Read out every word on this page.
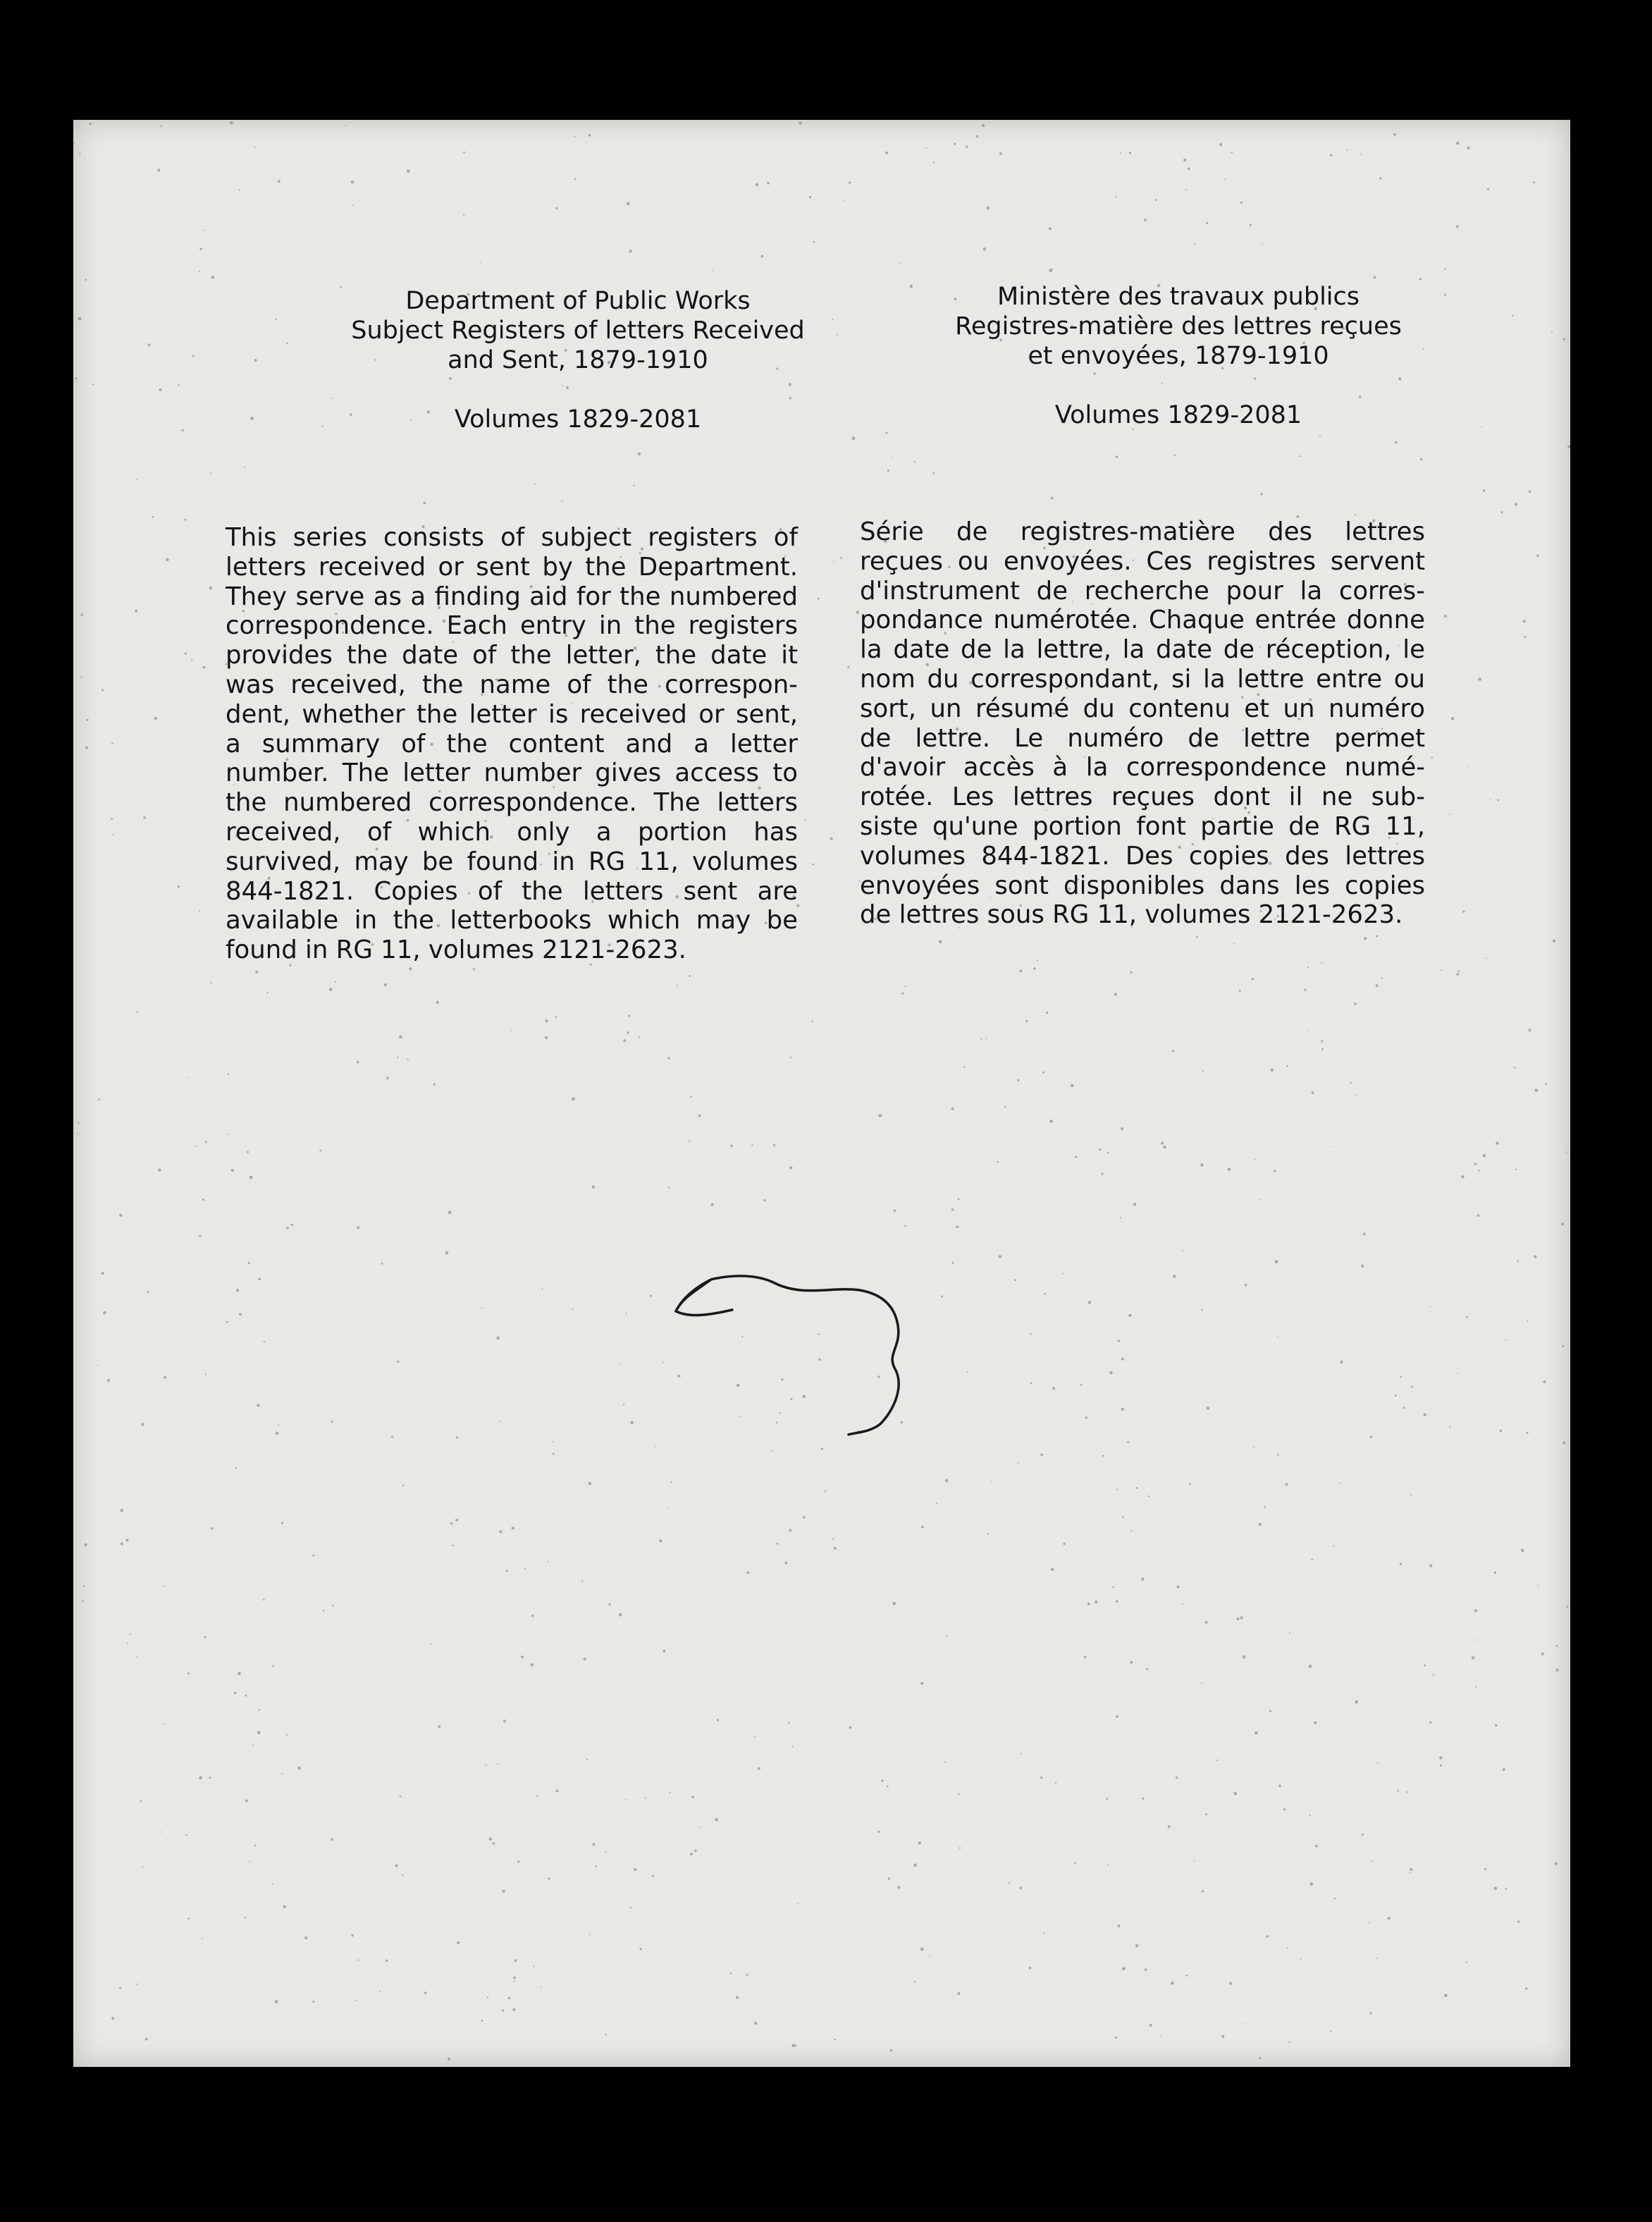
Department of Public Works
Subject Registers of letters Received
and Sent, 1879-1910
Volumes 1829-2081
Ministère des travaux publics
Registres-matière des lettres reçues
et envoyées, 1879-1910
Volumes 1829-2081
This series consists of subject registers of
letters received or sent by the Department.
They serve as a finding aid for the numbered
correspondence. Each entry in the registers
provides the date of the letter, the date it
was received, the name of the correspon-
dent, whether the letter is received or sent,
a summary of the content and a letter
number. The letter number gives access to
the numbered correspondence. The letters
received, of which only a portion has
survived, may be found in RG 11, volumes
844-1821. Copies of the letters sent are
available in the letterbooks which may be
found in RG 11, volumes 2121-2623.
Série de registres-matière des lettres
reçues ou envoyées. Ces registres servent
d'instrument de recherche pour la corres-
pondance numérotée. Chaque entrée donne
la date de la lettre, la date de réception, le
nom du correspondant, si la lettre entre ou
sort, un résumé du contenu et un numéro
de lettre. Le numéro de lettre permet
d'avoir accès à la correspondence numé-
rotée. Les lettres reçues dont il ne sub-
siste qu'une portion font partie de RG 11,
volumes 844-1821. Des copies des lettres
envoyées sont disponibles dans les copies
de lettres sous RG 11, volumes 2121-2623.
